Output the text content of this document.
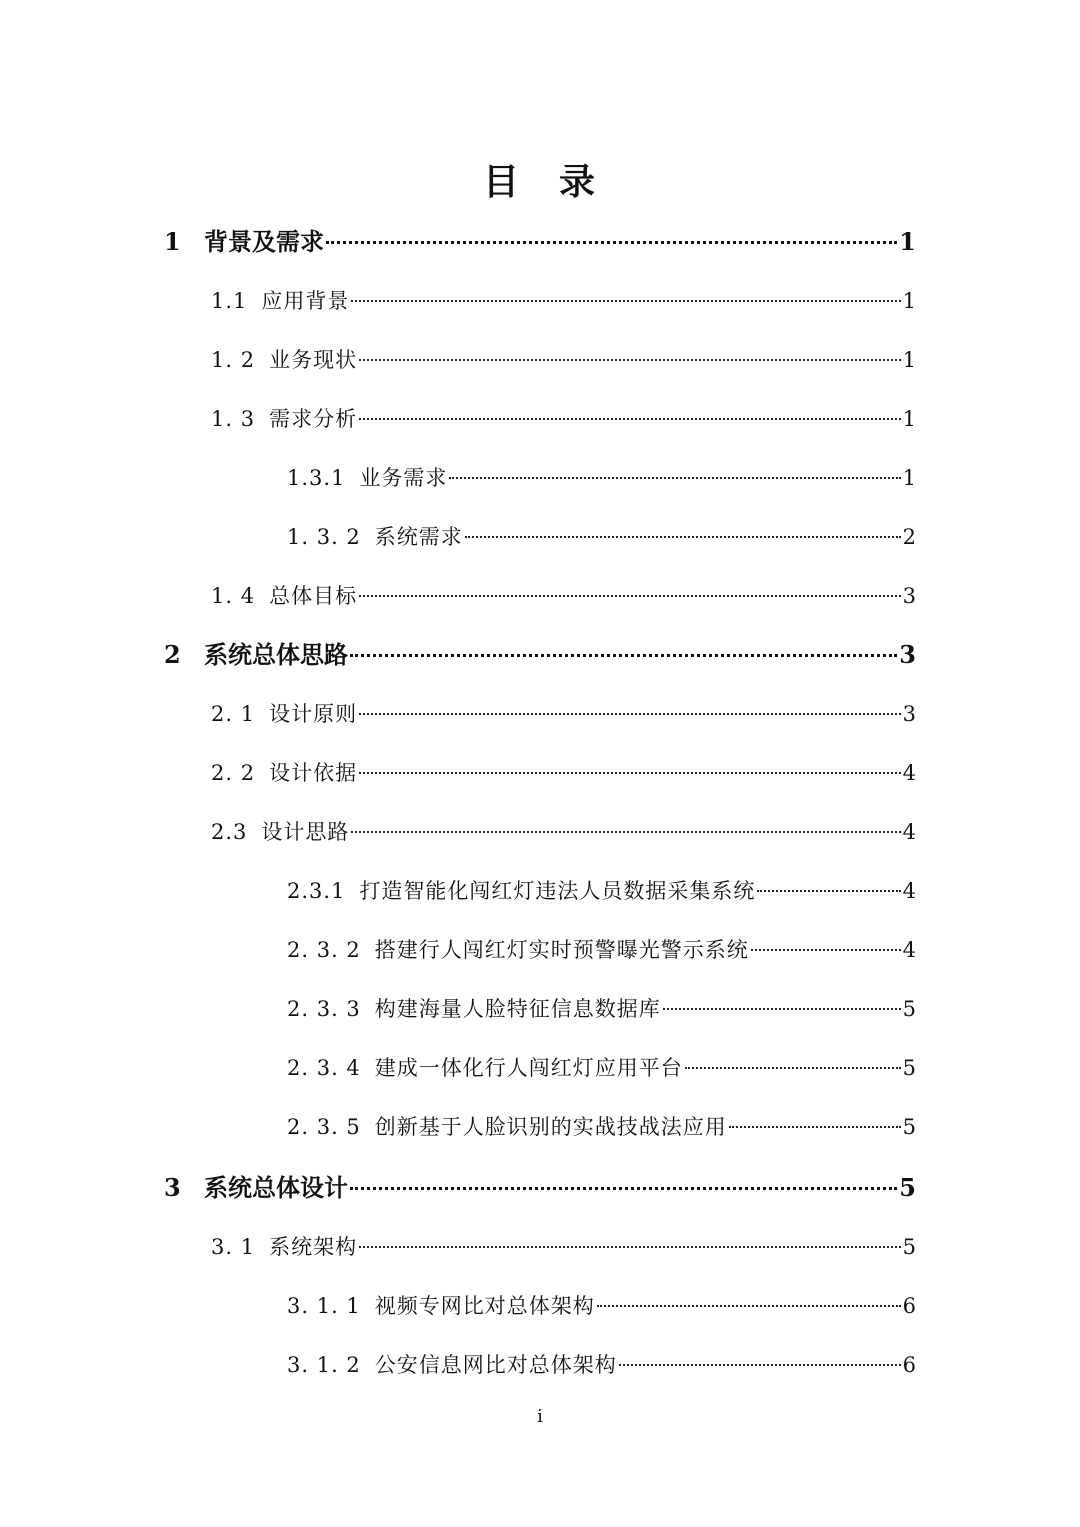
目　录
1 背景及需求	1
1.1 应用背景	1
1. 2 业务现状	1
1. 3 需求分析	1
1.3.1 业务需求	1
1. 3. 2 系统需求	2
1. 4 总体目标	3
2 系统总体思路	3
2. 1 设计原则	3
2. 2 设计依据	4
2.3 设计思路	4
2.3.1 打造智能化闯红灯违法人员数据采集系统	4
2. 3. 2 搭建行人闯红灯实时预警曝光警示系统	4
2. 3. 3 构建海量人脸特征信息数据库	5
2. 3. 4 建成一体化行人闯红灯应用平台	5
2. 3. 5 创新基于人脸识别的实战技战法应用	5
3 系统总体设计	5
3. 1 系统架构	5
3. 1. 1 视频专网比对总体架构	6
3. 1. 2 公安信息网比对总体架构	6
i
